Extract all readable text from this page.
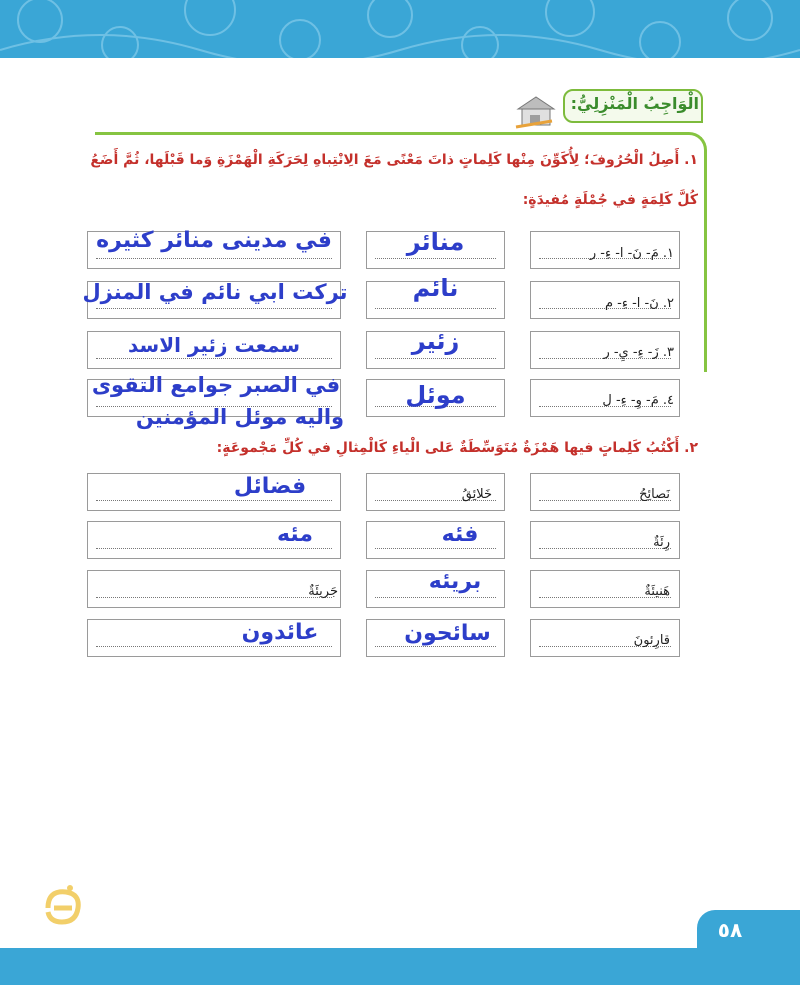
الْوَاجِبُ الْمَنْزِلِيُّ:
١. أَصِلُ الْحُرُوفَ؛ لِأُكَوِّنَ مِنْها كَلِماتٍ ذاتَ مَعْنًى مَعَ الِانْتِباهِ لِحَرَكَةِ الْهَمْزَةِ وَما قَبْلَها، ثُمَّ أَضَعُ
كُلَّ كَلِمَةٍ في جُمْلَةٍ مُفيدَةٍ:
١. مَ- نَ- ا- ءِ- ر
منائر
في مدينى منائر كثيره
٢. نَ- ا- ءِ- م
نائم
تركت ابي نائم في المنزل
٣. زَ- ءِ- يِ- ر
زئير
سمعت زئير الاسد
٤. مَ- وِ- ءِ- ل
موئل
في الصبر جوامع التقوى
واليه موئل المؤمنين
٢. أَكْتُبُ كَلِماتٍ فيها هَمْزَةٌ مُتَوَسِّطَةٌ عَلى الْياءِ كَالْمِثالِ في كُلِّ مَجْموعَةٍ:
نَصائِحُ
خَلائِقُ
فضائل
رِئَةٌ
فئه
مئه
هَنيئَةٌ
بريئه
جَريئَةٌ
قارِئونَ
سائحون
عائدون
٥٨
